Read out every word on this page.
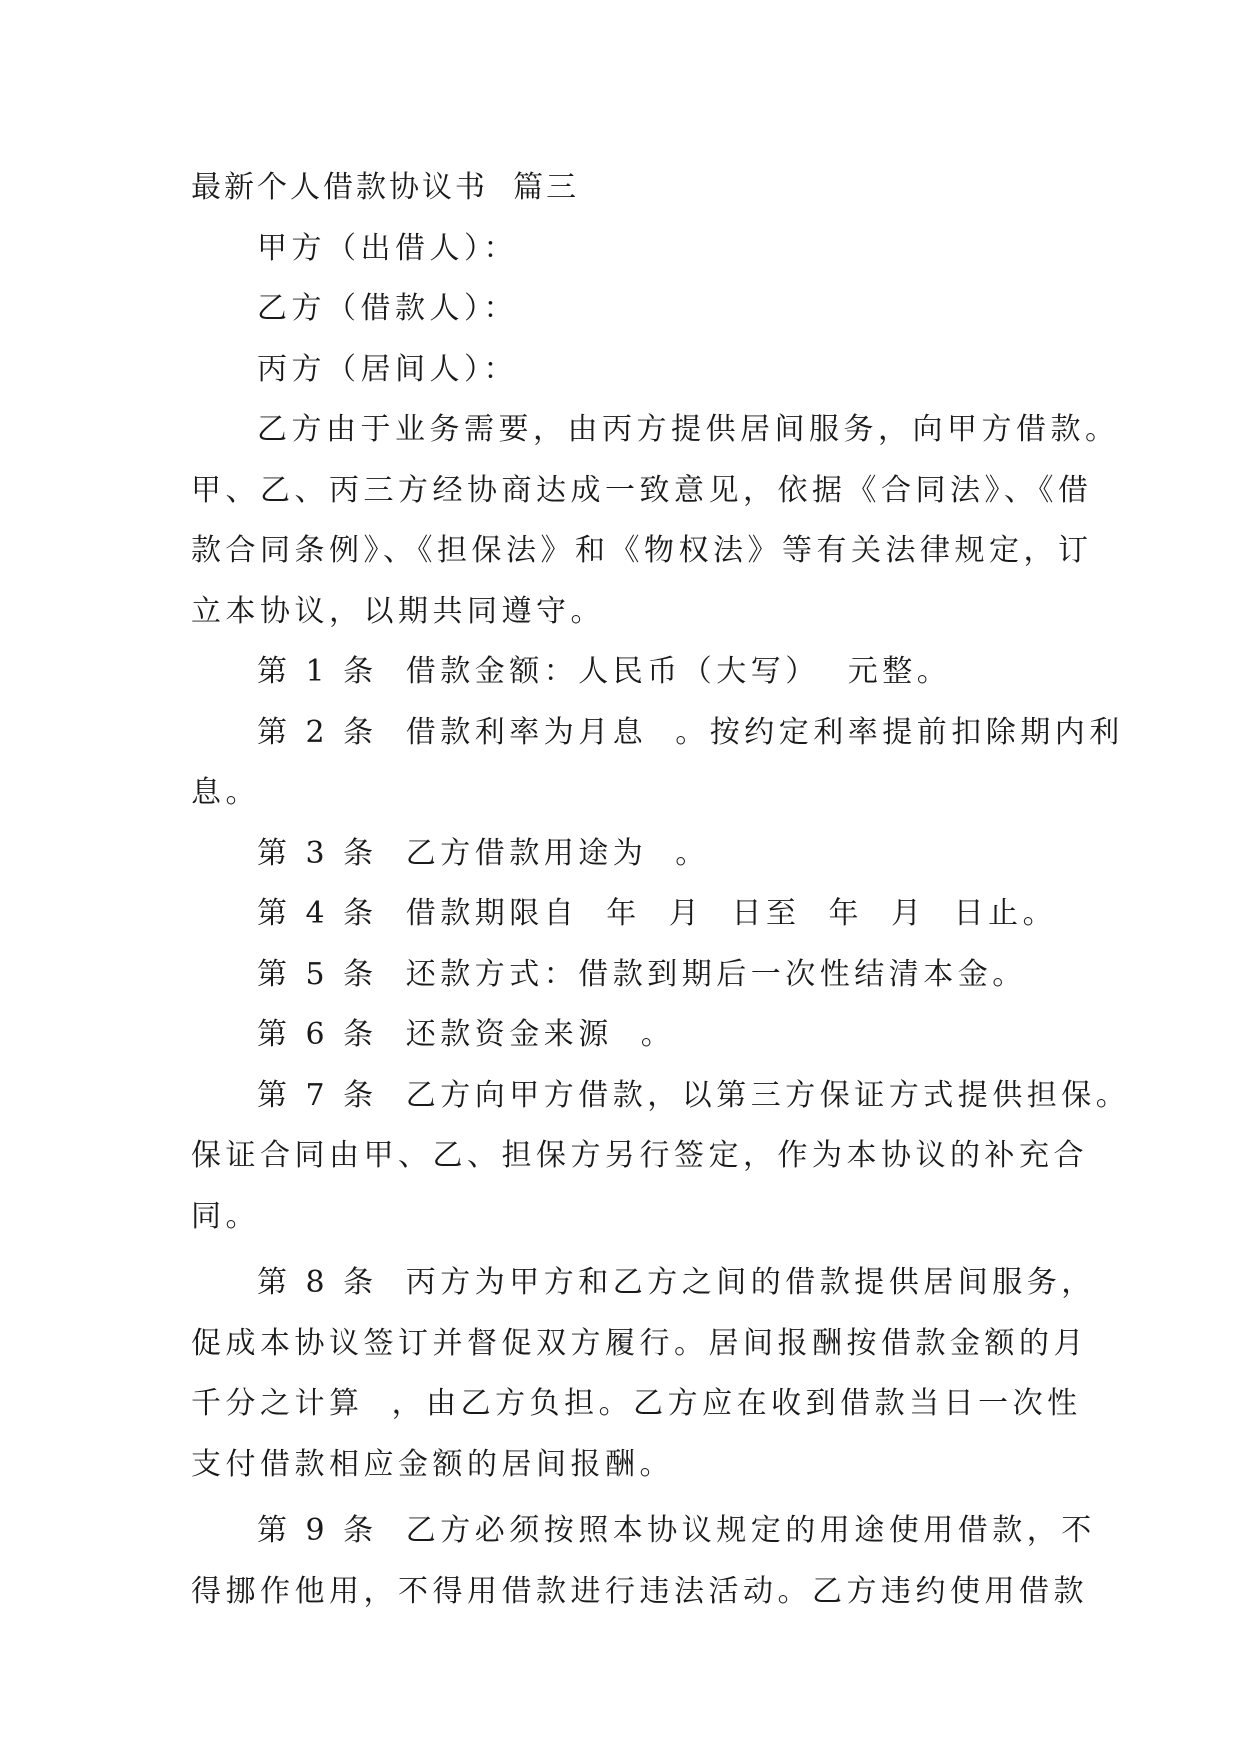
最新个人借款协议书  篇三
甲方（出借人）：
乙方（借款人）：
丙方（居间人）：
乙方由于业务需要，由丙方提供居间服务，向甲方借款。
甲、乙、丙三方经协商达成一致意见，依据《合同法》、《借
款合同条例》、《担保法》和《物权法》等有关法律规定，订
立本协议，以期共同遵守。
第 1 条  借款金额：人民币（大写）  元整。
第 2 条  借款利率为月息  。按约定利率提前扣除期内利
息。
第 3 条  乙方借款用途为  。
第 4 条  借款期限自  年  月  日至  年  月  日止。
第 5 条  还款方式：借款到期后一次性结清本金。
第 6 条  还款资金来源  。
第 7 条  乙方向甲方借款，以第三方保证方式提供担保。
保证合同由甲、乙、担保方另行签定，作为本协议的补充合
同。
第 8 条  丙方为甲方和乙方之间的借款提供居间服务，
促成本协议签订并督促双方履行。居间报酬按借款金额的月
千分之计算  ，由乙方负担。乙方应在收到借款当日一次性
支付借款相应金额的居间报酬。
第 9 条  乙方必须按照本协议规定的用途使用借款，不
得挪作他用，不得用借款进行违法活动。乙方违约使用借款
